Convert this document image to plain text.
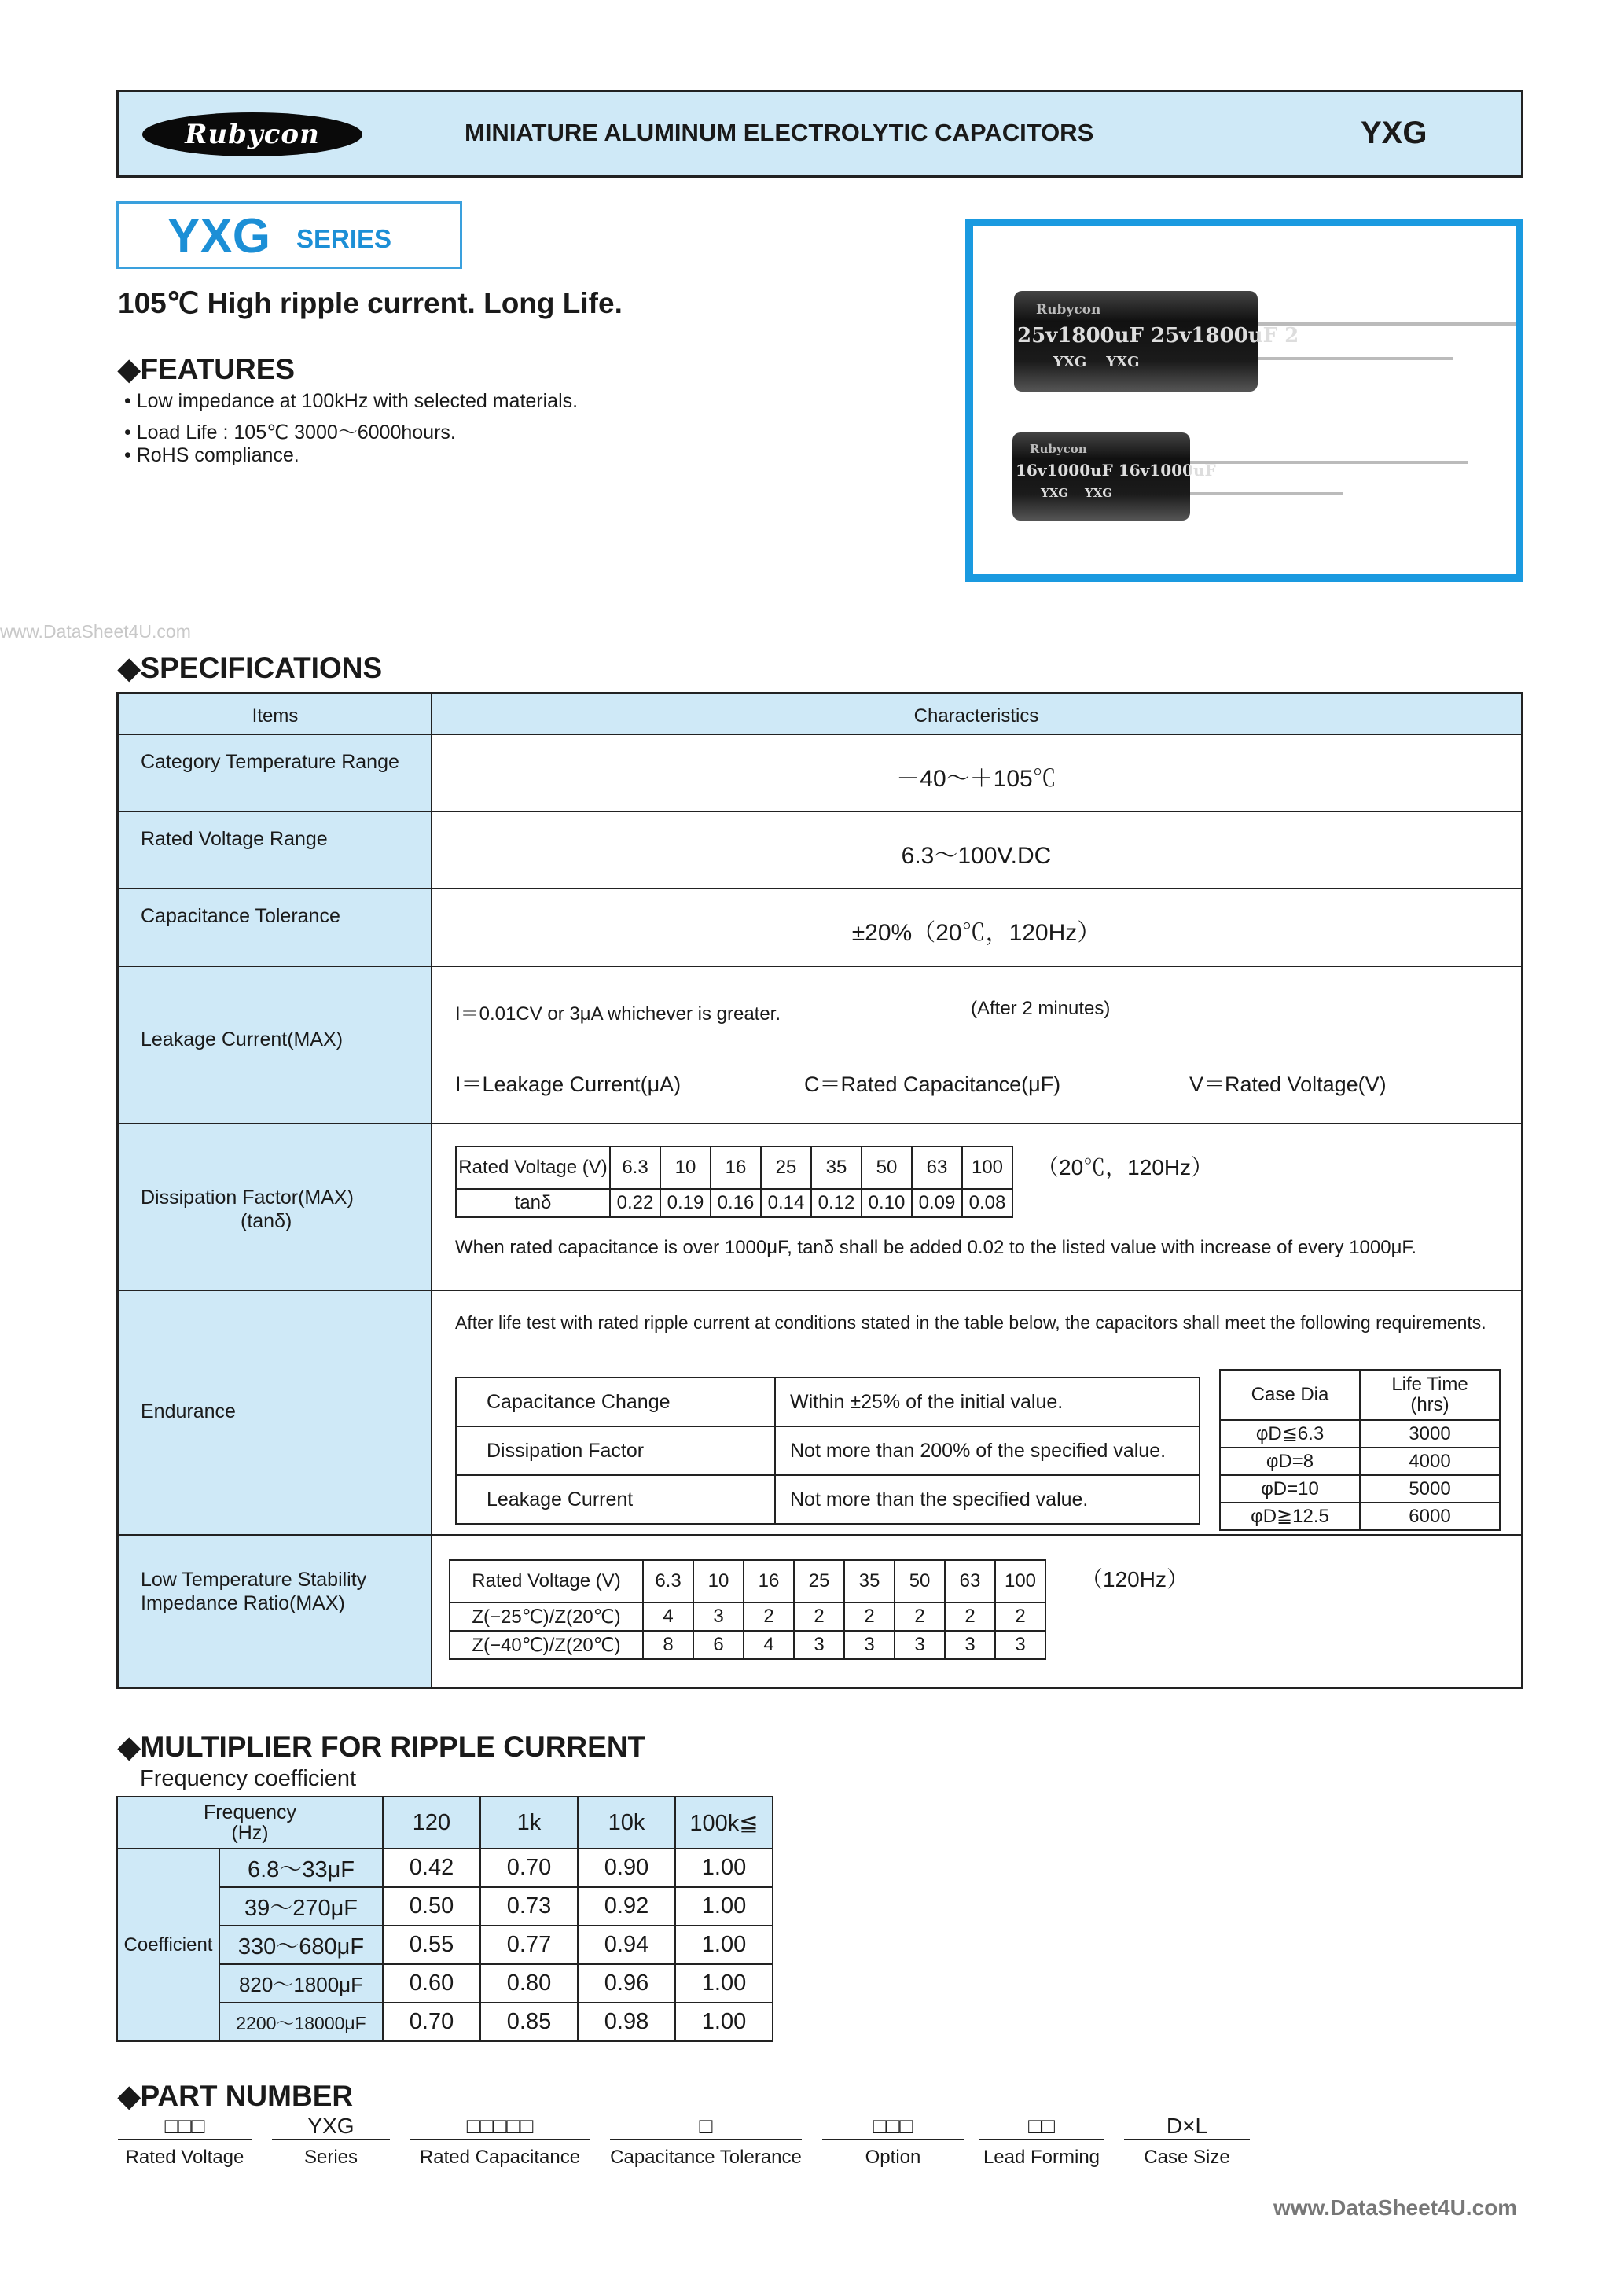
Rubycon	MINIATURE ALUMINUM ELECTROLYTIC CAPACITORS	YXG
YXG SERIES
105℃ High ripple current. Long Life.
◆FEATURES
• Low impedance at 100kHz with selected materials.
• Load Life : 105℃ 3000～6000hours.
• RoHS compliance.
Rubycon
25v1800uF 25v1800uF 2
YXG    YXG
Rubycon
16v1000uF 16v1000uF
YXG    YXG
www.DataSheet4U.com
◆SPECIFICATIONS
Items	Characteristics
Category Temperature Range
－40～＋105℃
Rated Voltage Range
6.3～100V.DC
Capacitance Tolerance
±20%（20℃，120Hz）
Leakage Current(MAX)
I＝0.01CV or 3μA whichever is greater.	(After 2 minutes)
I＝Leakage Current(μA)	C＝Rated Capacitance(μF)	V＝Rated Voltage(V)
Dissipation Factor(MAX)
(tanδ)
Rated Voltage (V)	6.3	10	16	25	35	50	63	100
tanδ	0.22	0.19	0.16	0.14	0.12	0.10	0.09	0.08
（20℃，120Hz）
When rated capacitance is over 1000μF, tanδ shall be added 0.02 to the listed value with increase of every 1000μF.
Endurance
After life test with rated ripple current at conditions stated in the table below, the capacitors shall meet the following requirements.
Capacitance Change	Within ±25% of the initial value.
Dissipation Factor	Not more than 200% of the specified value.
Leakage Current	Not more than the specified value.
Case Dia	Life Time
(hrs)
φD≦6.3	3000
φD=8	4000
φD=10	5000
φD≧12.5	6000
Low Temperature Stability
Impedance Ratio(MAX)
Rated Voltage (V)	6.3	10	16	25	35	50	63	100
Z(−25℃)/Z(20℃)	4	3	2	2	2	2	2	2
Z(−40℃)/Z(20℃)	8	6	4	3	3	3	3	3
（120Hz）
◆MULTIPLIER FOR RIPPLE CURRENT
Frequency coefficient
Frequency
(Hz)		120	1k	10k	100k≦
Coefficient	6.8～33μF	0.42	0.70	0.90	1.00
	39～270μF	0.50	0.73	0.92	1.00
	330～680μF	0.55	0.77	0.94	1.00
	820～1800μF	0.60	0.80	0.96	1.00
	2200～18000μF	0.70	0.85	0.98	1.00
◆PART NUMBER
□□□
Rated Voltage
YXG
Series
□□□□□
Rated Capacitance
□
Capacitance Tolerance
□□□
Option
□□
Lead Forming
D×L
Case Size
www.DataSheet4U.com
